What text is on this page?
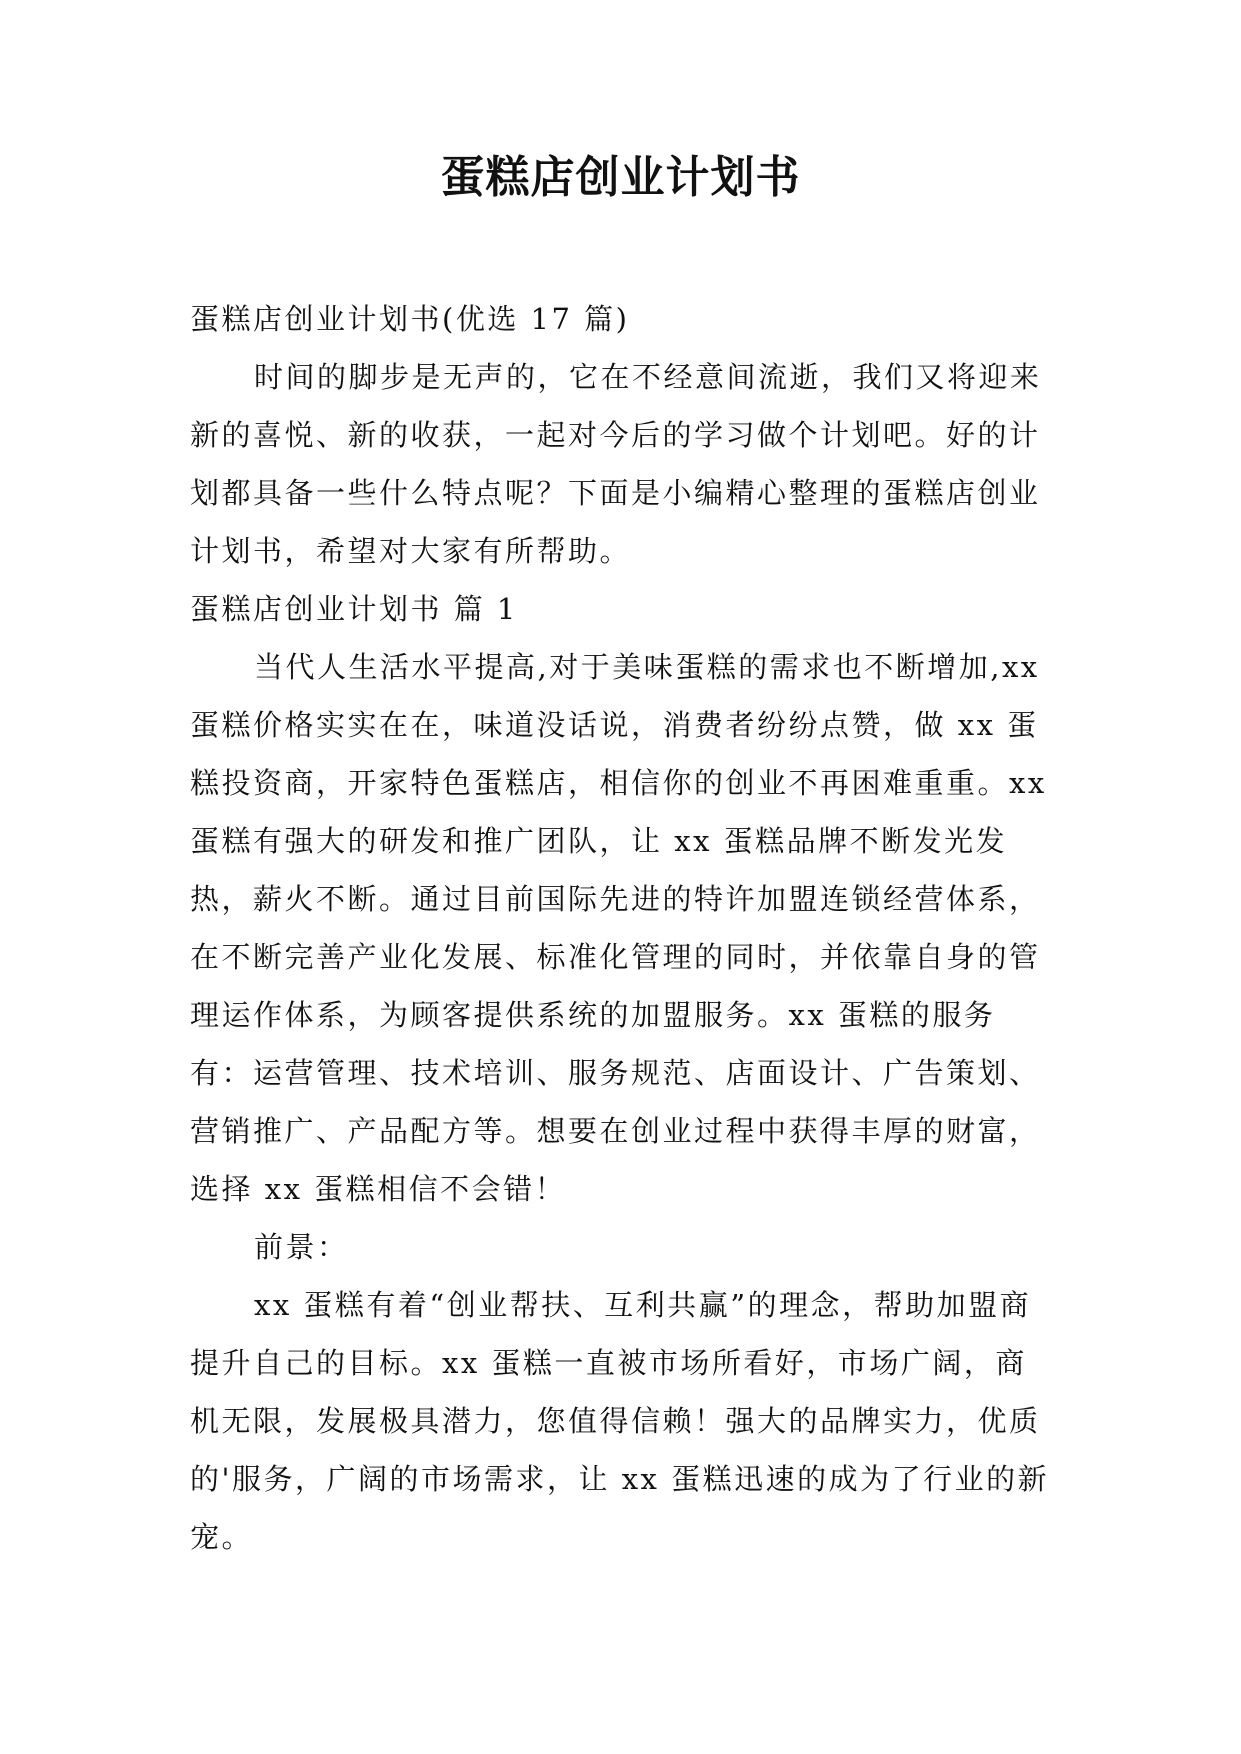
蛋糕店创业计划书

蛋糕店创业计划书(优选 17 篇)

时间的脚步是无声的，它在不经意间流逝，我们又将迎来新的喜悦、新的收获，一起对今后的学习做个计划吧。好的计划都具备一些什么特点呢？下面是小编精心整理的蛋糕店创业计划书，希望对大家有所帮助。

蛋糕店创业计划书 篇 1

当代人生活水平提高,对于美味蛋糕的需求也不断增加,xx 蛋糕价格实实在在，味道没话说，消费者纷纷点赞，做 xx 蛋糕投资商，开家特色蛋糕店，相信你的创业不再困难重重。xx 蛋糕有强大的研发和推广团队，让 xx 蛋糕品牌不断发光发热，薪火不断。通过目前国际先进的特许加盟连锁经营体系，在不断完善产业化发展、标准化管理的同时，并依靠自身的管理运作体系，为顾客提供系统的加盟服务。xx 蛋糕的服务有：运营管理、技术培训、服务规范、店面设计、广告策划、营销推广、产品配方等。想要在创业过程中获得丰厚的财富，选择 xx 蛋糕相信不会错！

前景：

xx 蛋糕有着“创业帮扶、互利共赢”的理念，帮助加盟商提升自己的目标。xx 蛋糕一直被市场所看好，市场广阔，商机无限，发展极具潜力，您值得信赖！强大的品牌实力，优质的'服务，广阔的市场需求，让 xx 蛋糕迅速的成为了行业的新宠。
